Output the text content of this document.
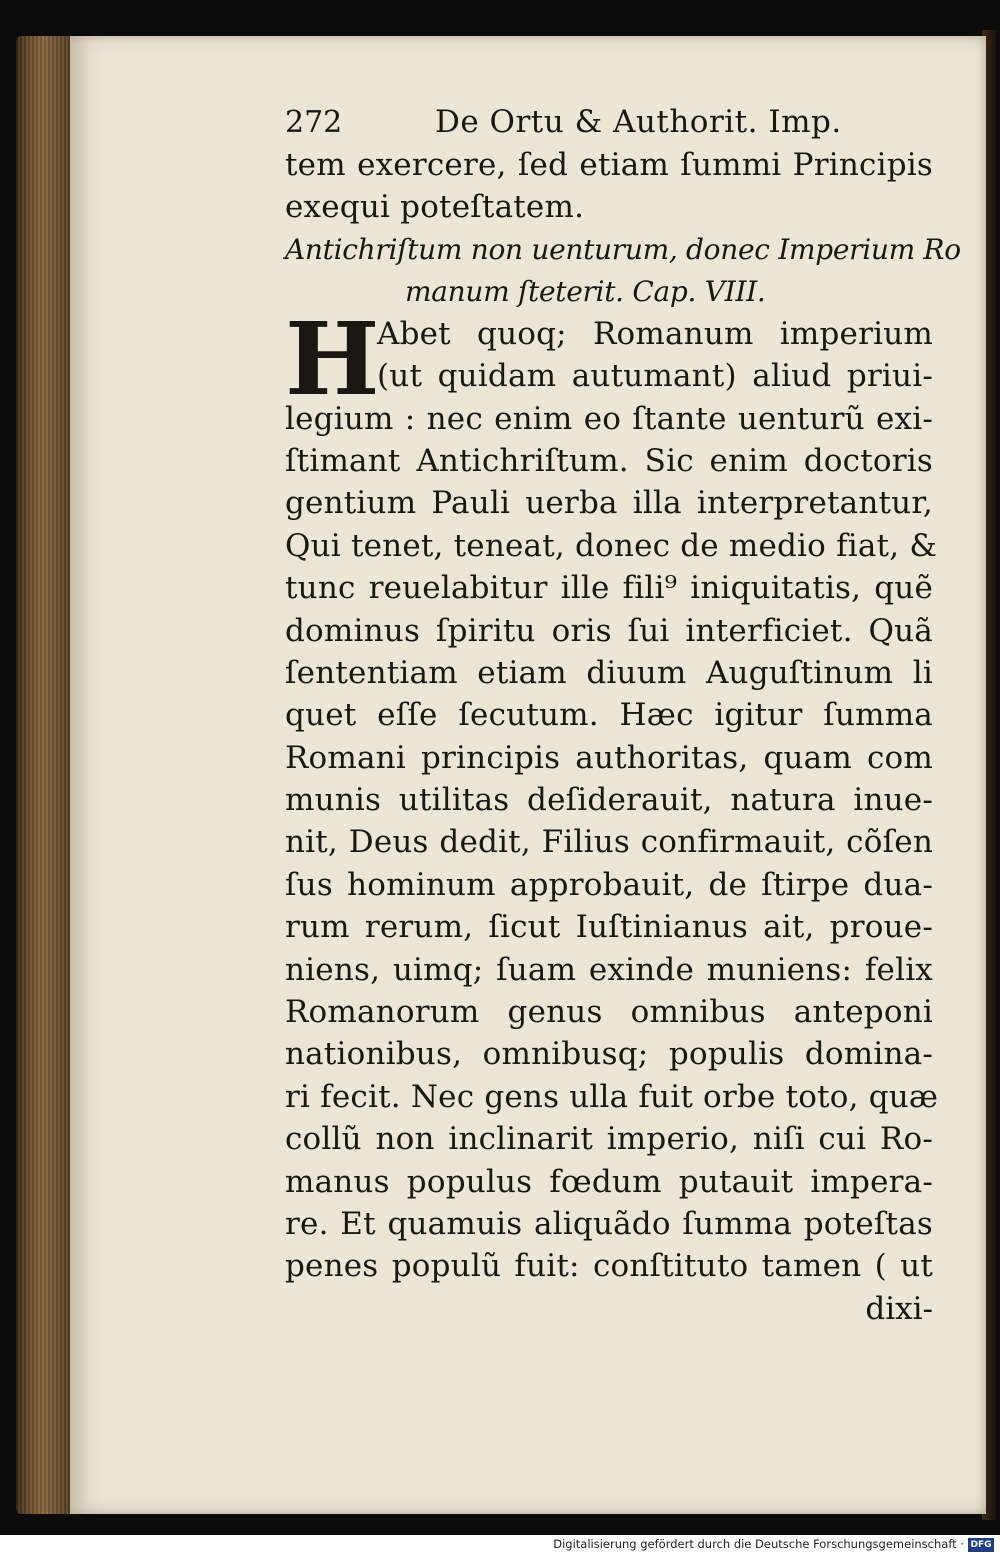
272	De Ortu & Authorit. Imp.
tem exercere, ſed etiam ſummi Principis
exequi poteſtatem.
Antichriſtum non uenturum, donec Imperium Ro
manum ſteterit. Cap. VIII.
H
Abet quoq; Romanum imperium
(ut quidam autumant) aliud priui-
legium : nec enim eo ſtante uenturũ exi-
ſtimant Antichriſtum. Sic enim doctoris
gentium Pauli uerba illa interpretantur,
Qui tenet, teneat, donec de medio fiat, &
tunc reuelabitur ille fili⁹ iniquitatis, quẽ
dominus ſpiritu oris ſui interficiet. Quã
ſententiam etiam diuum Auguſtinum li
quet eſſe ſecutum. Hæc igitur ſumma
Romani principis authoritas, quam com
munis utilitas deſiderauit, natura inue-
nit, Deus dedit, Filius confirmauit, cõſen
ſus hominum approbauit, de ſtirpe dua-
rum rerum, ſicut Iuſtinianus ait, proue-
niens, uimq; ſuam exinde muniens: felix
Romanorum genus omnibus anteponi
nationibus, omnibusq; populis domina-
ri fecit. Nec gens ulla fuit orbe toto, quæ
collũ non inclinarit imperio, niſi cui Ro-
manus populus fœdum putauit impera-
re. Et quamuis aliquãdo ſumma poteſtas
penes populũ fuit: conſtituto tamen ( ut
dixi-
Digitalisierung gefördert durch die Deutsche Forschungsgemeinschaft · DFG
